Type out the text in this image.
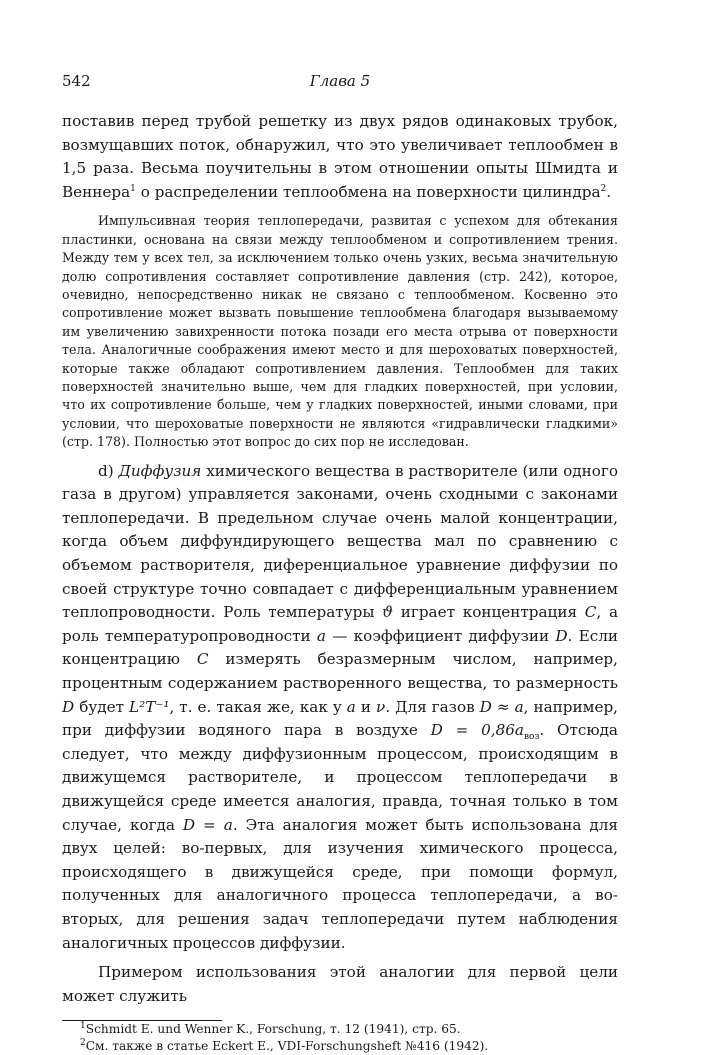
542	Глава 5

поставив перед трубой решетку из двух рядов одинаковых трубок, возмущавших поток, обнаружил, что это увеличивает теплообмен в 1,5 раза. Весьма поучительны в этом отношении опыты Шмидта и Веннера$^1$ о распределении теплообмена на поверхности цилиндра$^2$.

Импульсивная теория теплопередачи, развитая с успехом для обтекания пластинки, основана на связи между теплообменом и сопротивлением трения. Между тем у всех тел, за исключением только очень узких, весьма значительную долю сопротивления составляет сопротивление давления (стр. 242), которое, очевидно, непосредственно никак не связано с теплообменом. Косвенно это сопротивление может вызвать повышение теплообмена благодаря вызываемому им увеличению завихренности потока позади его места отрыва от поверхности тела. Аналогичные соображения имеют место и для шероховатых поверхностей, которые также обладают сопротивлением давления. Теплообмен для таких поверхностей значительно выше, чем для гладких поверхностей, при условии, что их сопротивление больше, чем у гладких поверхностей, иными словами, при условии, что шероховатые поверхности не являются «гидравлически гладкими» (стр. 178). Полностью этот вопрос до сих пор не исследован.

d) Диффузия химического вещества в растворителе (или одного газа в другом) управляется законами, очень сходными с законами теплопередачи. В предельном случае очень малой концентрации, когда объем диффундирующего вещества мал по сравнению с объемом растворителя, диференциальное уравнение диффузии по своей структуре точно совпадает с дифференциальным уравнением теплопроводности. Роль температуры ϑ играет концентрация C, а роль температуропроводности a — коэффициент диффузии D. Если концентрацию C измерять безразмерным числом, например, процентным содержанием растворенного вещества, то размерность D будет L²T⁻¹, т. е. такая же, как у a и ν. Для газов D ≈ a, например, при диффузии водяного пара в воздухе $D = 0,86a_{воз}$. Отсюда следует, что между диффузионным процессом, происходящим в движущемся растворителе, и процессом теплопередачи в движущейся среде имеется аналогия, правда, точная только в том случае, когда D = a. Эта аналогия может быть использована для двух целей: во-первых, для изучения химического процесса, происходящего в движущейся среде, при помощи формул, полученных для аналогичного процесса теплопередачи, а во-вторых, для решения задач теплопередачи путем наблюдения аналогичных процессов диффузии.

Примером использования этой аналогии для первой цели может служить

$^1$Schmidt E. und Wenner K., Forschung, т. 12 (1941), стр. 65.
$^2$См. также в статье Eckert E., VDI-Forschungsheft №416 (1942).
